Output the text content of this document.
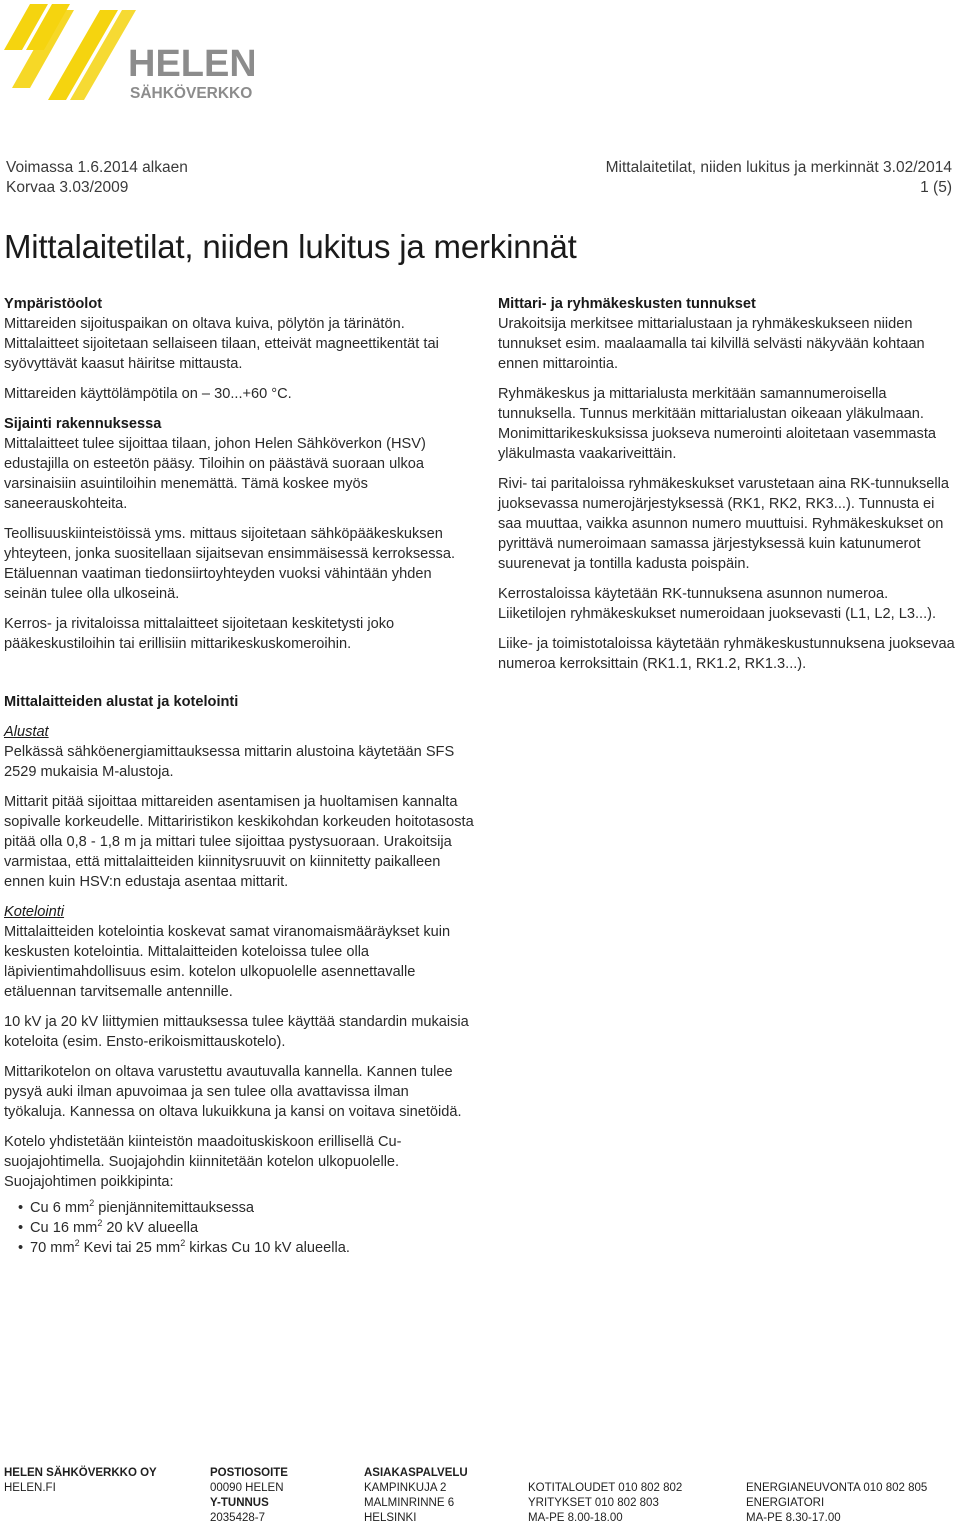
HELEN
SÄHKÖVERKKO
Voimassa 1.6.2014 alkaen
Korvaa 3.03/2009
Mittalaitetilat, niiden lukitus ja merkinnät 3.02/2014
1 (5)
Mittalaitetilat, niiden lukitus ja merkinnät
Ympäristöolot

Mittareiden sijoituspaikan on oltava kuiva, pölytön ja tärinätön. Mittalaitteet sijoitetaan sellaiseen tilaan, etteivät magneettikentät tai syövyttävät kaasut häiritse mittausta.

Mittareiden käyttölämpötila on – 30...+60 °C.

Sijainti rakennuksessa

Mittalaitteet tulee sijoittaa tilaan, johon Helen Sähköverkon (HSV) edustajilla on esteetön pääsy. Tiloihin on päästävä suoraan ulkoa varsinaisiin asuintiloihin menemättä. Tämä koskee myös saneerauskohteita.

Teollisuuskiinteistöissä yms. mittaus sijoitetaan sähköpääkeskuksen yhteyteen, jonka suositellaan sijaitsevan ensimmäisessä kerroksessa. Etäluennan vaatiman tiedonsiirtoyhteyden vuoksi vähintään yhden seinän tulee olla ulkoseinä.

Kerros- ja rivitaloissa mittalaitteet sijoitetaan keskitetysti joko pääkeskustiloihin tai erillisiin mittarikeskuskomeroihin.

Mittari- ja ryhmäkeskusten tunnukset

Urakoitsija merkitsee mittarialustaan ja ryhmäkeskukseen niiden tunnukset esim. maalaamalla tai kilvillä selvästi näkyvään kohtaan ennen mittarointia.

Ryhmäkeskus ja mittarialusta merkitään samannumeroisella tunnuksella. Tunnus merkitään mittarialustan oikeaan yläkulmaan. Monimittarikeskuksissa juokseva numerointi aloitetaan vasemmasta yläkulmasta vaakariveittäin.

Rivi- tai paritaloissa ryhmäkeskukset varustetaan aina RK-tunnuksella juoksevassa numerojärjestyksessä (RK1, RK2, RK3...). Tunnusta ei saa muuttaa, vaikka asunnon numero muuttuisi. Ryhmäkeskukset on pyrittävä numeroimaan samassa järjestyksessä kuin katunumerot suurenevat ja tontilla kadusta poispäin.

Kerrostaloissa käytetään RK-tunnuksena asunnon numeroa. Liiketilojen ryhmäkeskukset numeroidaan juoksevasti (L1, L2, L3...).

Liike- ja toimistotaloissa käytetään ryhmäkeskustunnuksena juoksevaa numeroa kerroksittain (RK1.1, RK1.2, RK1.3...).

Mittalaitteiden alustat ja kotelointi
Alustat

Pelkässä sähköenergiamittauksessa mittarin alustoina käytetään SFS 2529 mukaisia M-alustoja.

Mittarit pitää sijoittaa mittareiden asentamisen ja huoltamisen kannalta sopivalle korkeudelle. Mittariristikon keskikohdan korkeuden hoitotasosta pitää olla 0,8 - 1,8 m ja mittari tulee sijoittaa pystysuoraan. Urakoitsija varmistaa, että mittalaitteiden kiinnitysruuvit on kiinnitetty paikalleen ennen kuin HSV:n edustaja asentaa mittarit.

Kotelointi

Mittalaitteiden kotelointia koskevat samat viranomaismääräykset kuin keskusten kotelointia. Mittalaitteiden koteloissa tulee olla läpivientimahdollisuus esim. kotelon ulkopuolelle asennettavalle etäluennan tarvitsemalle antennille.

10 kV ja 20 kV liittymien mittauksessa tulee käyttää standardin mukaisia koteloita (esim. Ensto-erikoismittauskotelo).

Mittarikotelon on oltava varustettu avautuvalla kannella. Kannen tulee pysyä auki ilman apuvoimaa ja sen tulee olla avattavissa ilman työkaluja. Kannessa on oltava lukuikkuna ja kansi on voitava sinetöidä.

Kotelo yhdistetään kiinteistön maadoituskiskoon erillisellä Cu-suojajohtimella. Suojajohdin kiinnitetään kotelon ulkopuolelle. Suojajohtimen poikkipinta:

• Cu 6 $mm^2$ pienjännitemittauksessa
• Cu 16 $mm^2$ 20 kV alueella
• 70 $mm^2$ Kevi tai 25 $mm^2$ kirkas Cu 10 kV alueella.
HELEN SÄHKÖVERKKO OY
HELEN.FI
POSTIOSOITE
00090 HELEN
Y-TUNNUS
2035428-7
ASIAKASPALVELU
KAMPINKUJA 2
MALMINRINNE 6
HELSINKI
KOTITALOUDET 010 802 802
YRITYKSET 010 802 803
MA-PE 8.00-18.00
ENERGIANEUVONTA 010 802 805
ENERGIATORI
MA-PE 8.30-17.00
